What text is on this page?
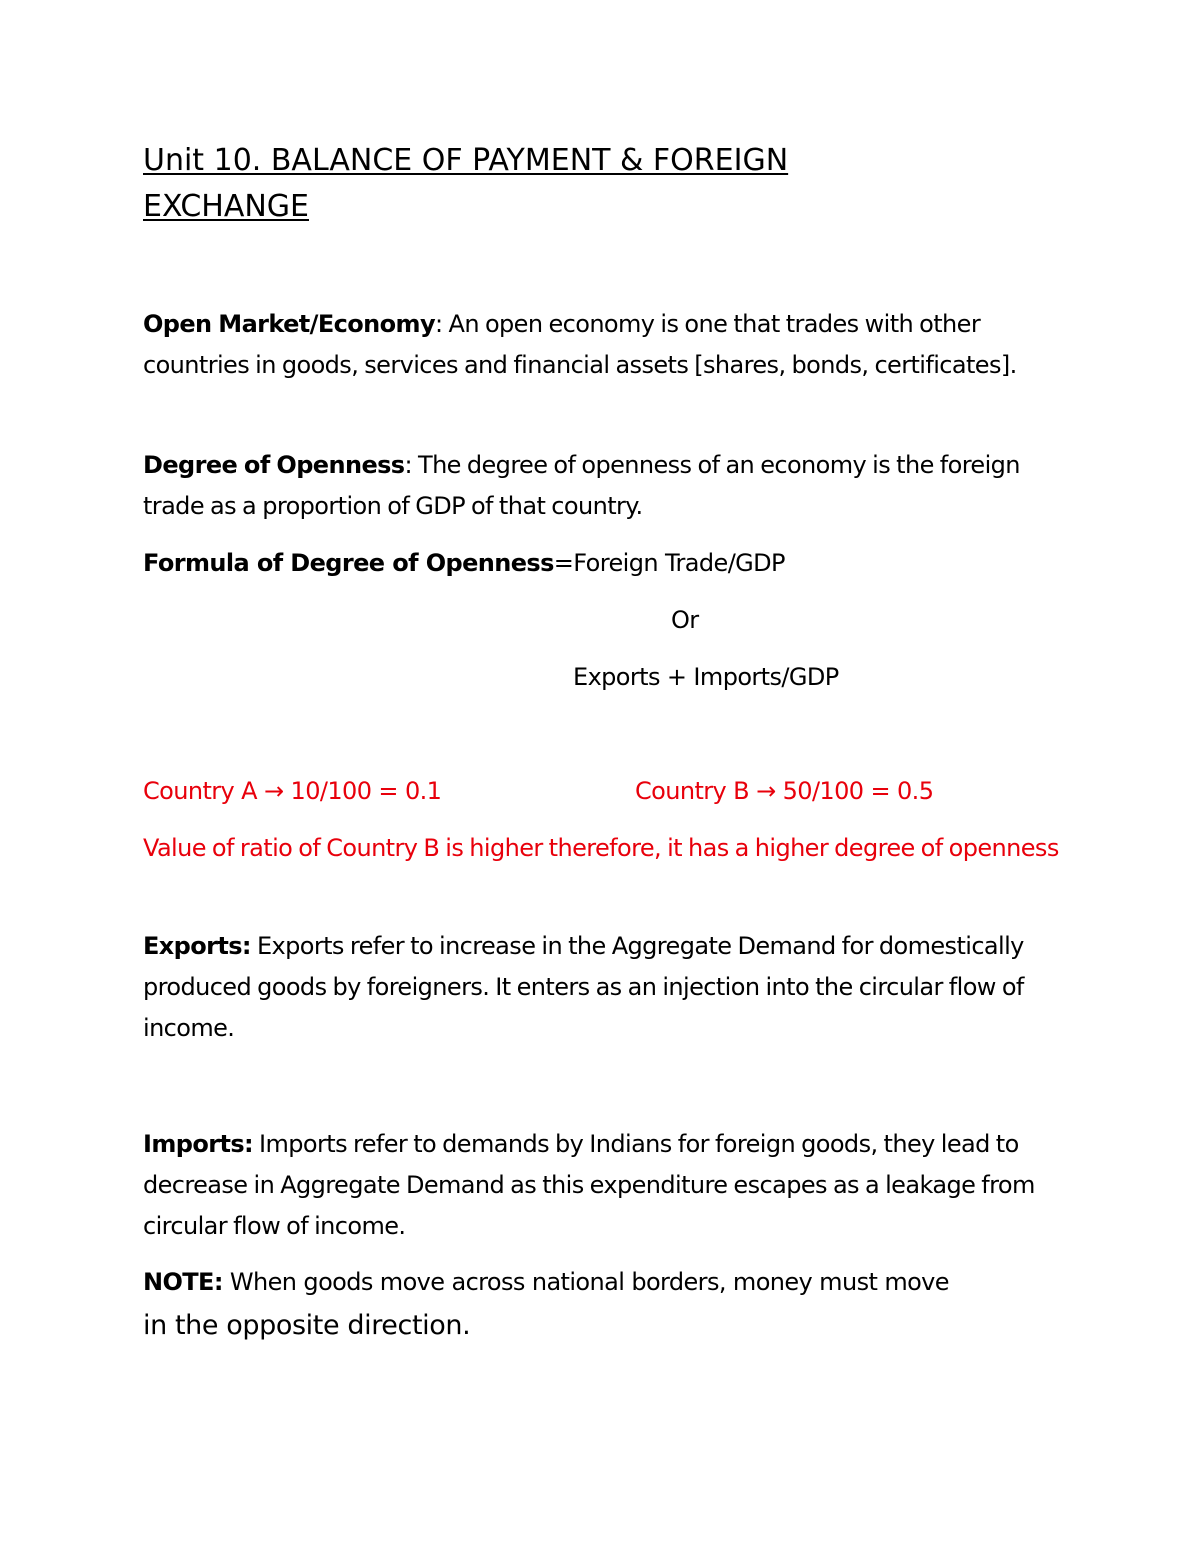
Unit 10. BALANCE OF PAYMENT & FOREIGN EXCHANGE

Open Market/Economy: An open economy is one that trades with other countries in goods, services and financial assets [shares, bonds, certificates].

Degree of Openness: The degree of openness of an economy is the foreign trade as a proportion of GDP of that country.

Formula of Degree of Openness=Foreign Trade/GDP

Or

Exports + Imports/GDP

Country A → 10/100 = 0.1	Country B → 50/100 = 0.5

Value of ratio of Country B is higher therefore, it has a higher degree of openness

Exports: Exports refer to increase in the Aggregate Demand for domestically produced goods by foreigners. It enters as an injection into the circular flow of income.

Imports: Imports refer to demands by Indians for foreign goods, they lead to decrease in Aggregate Demand as this expenditure escapes as a leakage from circular flow of income.

NOTE: When goods move across national borders, money must move

in the opposite direction.
